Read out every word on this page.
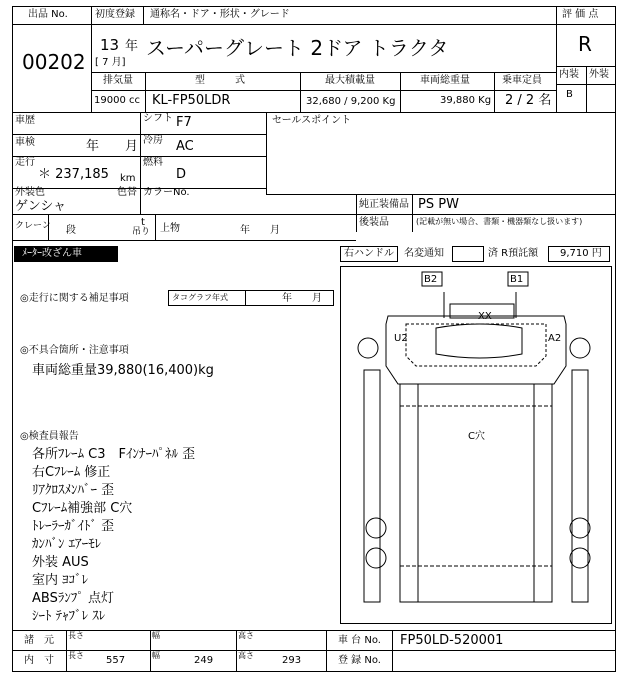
出品 No.	初度登録 通称名・ドア・形状・グレード	評 価 点
00202
13 年
[ 7 月]
スーパーグレート 2ドア トラクタ	R
内装 外装
B
排気量	型　　　式	最大積載量	車両総重量	乗車定員
19000 cc KL-FP50LDR	32,680 / 9,200 Kg	39,880 Kg 2 / 2 名
車歴	シフト F7	セールスポイント
車検	年　　月 冷房 AC
走行
＊ 237,185 km
燃料
D
外装色	色替 カラーNo.
ゲンシャ	純正装備品 PS PW
後装品	(記載が無い場合、書類・機器類なし扱います)
クレーン 段
t
吊り 上物	年　　月
ﾒｰﾀｰ改ざん車	右ハンドル 名変通知	済 R預託額 9,710 円
◎走行に関する補足事項	タコグラフ年式	年　　月
◎不具合箇所・注意事項
車両総重量39,880(16,400)kg
◎検査員報告
各所ﾌﾚｰﾑ C3　Fｲﾝﾅｰﾊﾟﾈﾙ 歪
右Cﾌﾚｰﾑ 修正
ﾘｱｸﾛｽﾒﾝﾊﾞｰ 歪
Cﾌﾚｰﾑ補強部 C穴
ﾄﾚｰﾗｰｶﾞｲﾄﾞ 歪
ｶﾝﾊﾞﾝ ｴｱｰﾓﾚ
外装 AUS
室内 ﾖｺﾞﾚ
ABSﾗﾝﾌﾟ 点灯
ｼｰﾄ ﾃｬﾌﾞﾚ ｽﾚ
B2	B1
XX
U2	A2
C穴
諸　元
内　寸 長さ	幅	高さ
長さ	幅	高さ
557	249	293
車 台 No. FP50LD-520001
登 録 No.
